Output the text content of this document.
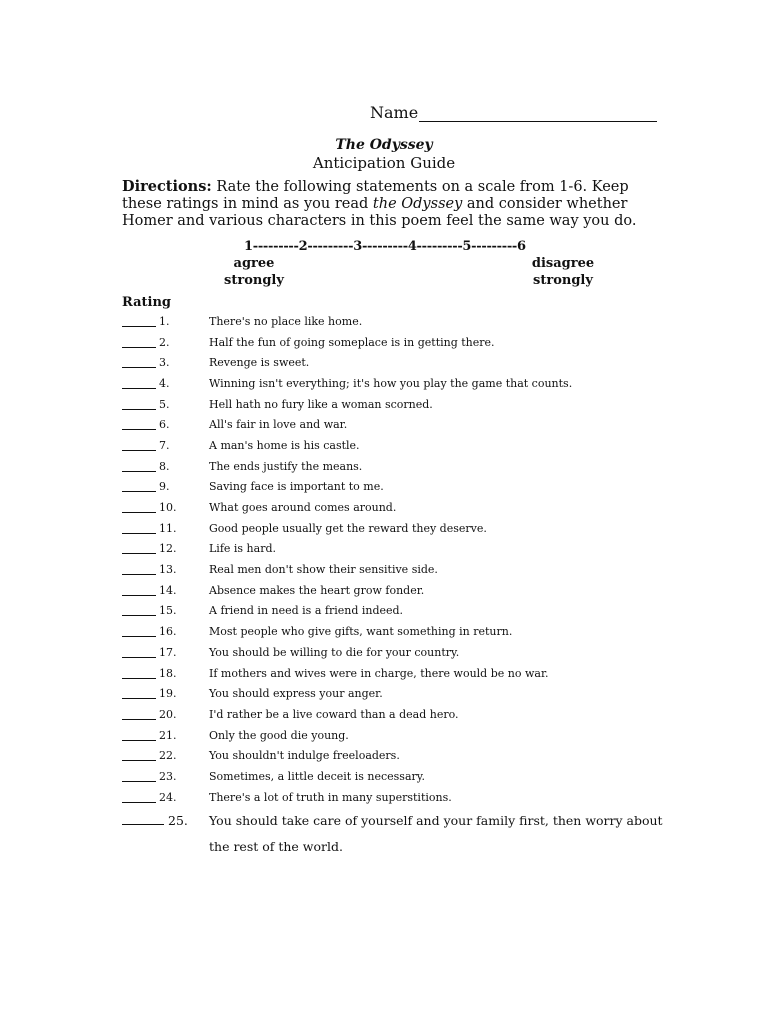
Name
The Odyssey
Anticipation Guide
Directions: Rate the following statements on a scale from 1-6. Keep these ratings in mind as you read the Odyssey and consider whether Homer and various characters in this poem feel the same way you do.
1---------2---------3---------4---------5---------6
agree
strongly
disagree
strongly
Rating
1.	There's no place like home.
2.	Half the fun of going someplace is in getting there.
3.	Revenge is sweet.
4.	Winning isn't everything; it's how you play the game that counts.
5.	Hell hath no fury like a woman scorned.
6.	All's fair in love and war.
7.	A man's home is his castle.
8.	The ends justify the means.
9.	Saving face is important to me.
10.	What goes around comes around.
11.	Good people usually get the reward they deserve.
12.	Life is hard.
13.	Real men don't show their sensitive side.
14.	Absence makes the heart grow fonder.
15.	A friend in need is a friend indeed.
16.	Most people who give gifts, want something in return.
17.	You should be willing to die for your country.
18.	If mothers and wives were in charge, there would be no war.
19.	You should express your anger.
20.	I'd rather be a live coward than a dead hero.
21.	Only the good die young.
22.	You shouldn't indulge freeloaders.
23.	Sometimes, a little deceit is necessary.
24.	There's a lot of truth in many superstitions.
25. You should take care of yourself and your family first, then worry about the rest of the world.
